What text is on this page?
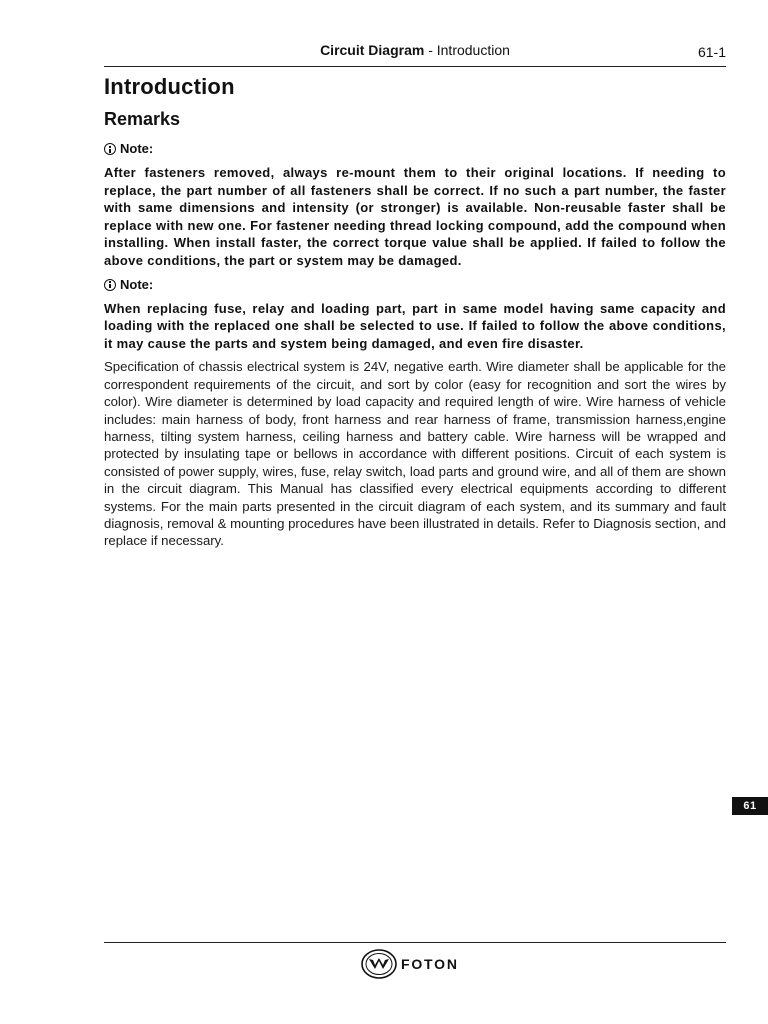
Circuit Diagram - Introduction	61-1
Introduction
Remarks
Note:

After fasteners removed, always re-mount them to their original locations. If needing to replace, the part number of all fasteners shall be correct. If no such a part number, the faster with same dimensions and intensity (or stronger) is available. Non-reusable faster shall be replace with new one. For fastener needing thread locking compound, add the compound when installing. When install faster, the correct torque value shall be applied. If failed to follow the above conditions, the part or system may be damaged.

Note:

When replacing fuse, relay and loading part, part in same model having same capacity and loading with the replaced one shall be selected to use. If failed to follow the above conditions, it may cause the parts and system being damaged, and even fire disaster.

Specification of chassis electrical system is 24V, negative earth. Wire diameter shall be applicable for the correspondent requirements of the circuit, and sort by color (easy for recognition and sort the wires by color). Wire diameter is determined by load capacity and required length of wire. Wire harness of vehicle includes: main harness of body, front harness and rear harness of frame, transmission harness,engine harness, tilting system harness, ceiling harness and battery cable. Wire harness will be wrapped and protected by insulating tape or bellows in accordance with different positions. Circuit of each system is consisted of power supply, wires, fuse, relay switch, load parts and ground wire, and all of them are shown in the circuit diagram. This Manual has classified every electrical equipments according to different systems. For the main parts presented in the circuit diagram of each system, and its summary and fault diagnosis, removal & mounting procedures have been illustrated in details. Refer to Diagnosis section, and replace if necessary.

61
FOTON
